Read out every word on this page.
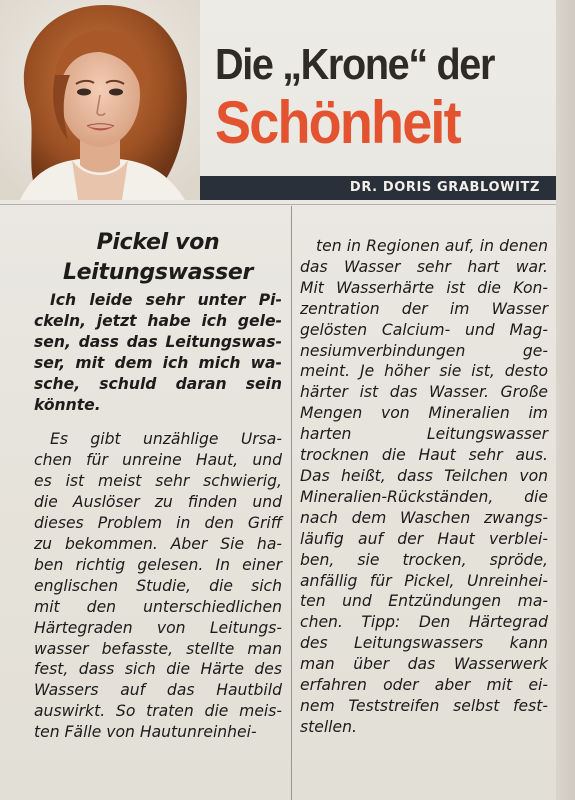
Die „Krone“ der
Schönheit
DR. DORIS GRABLOWITZ
Pickel von
Leitungswasser

Ich leide sehr unter Pi-
ckeln, jetzt habe ich gele-
sen, dass das Leitungswas-
ser, mit dem ich mich wa-
sche, schuld daran sein
könnte.

Es gibt unzählige Ursa-
chen für unreine Haut, und
es ist meist sehr schwierig,
die Auslöser zu finden und
dieses Problem in den Griff
zu bekommen. Aber Sie ha-
ben richtig gelesen. In einer
englischen Studie, die sich
mit den unterschiedlichen
Härtegraden von Leitungs-
wasser befasste, stellte man
fest, dass sich die Härte des
Wassers auf das Hautbild
auswirkt. So traten die meis-
ten Fälle von Hautunreinhei-

ten in Regionen auf, in denen
das Wasser sehr hart war.
Mit Wasserhärte ist die Kon-
zentration der im Wasser
gelösten Calcium- und Mag-
nesiumverbindungen ge-
meint. Je höher sie ist, desto
härter ist das Wasser. Große
Mengen von Mineralien im
harten Leitungswasser
trocknen die Haut sehr aus.
Das heißt, dass Teilchen von
Mineralien-Rückständen, die
nach dem Waschen zwangs-
läufig auf der Haut verblei-
ben, sie trocken, spröde,
anfällig für Pickel, Unreinhei-
ten und Entzündungen ma-
chen. Tipp: Den Härtegrad
des Leitungswassers kann
man über das Wasserwerk
erfahren oder aber mit ei-
nem Teststreifen selbst fest-
stellen.
